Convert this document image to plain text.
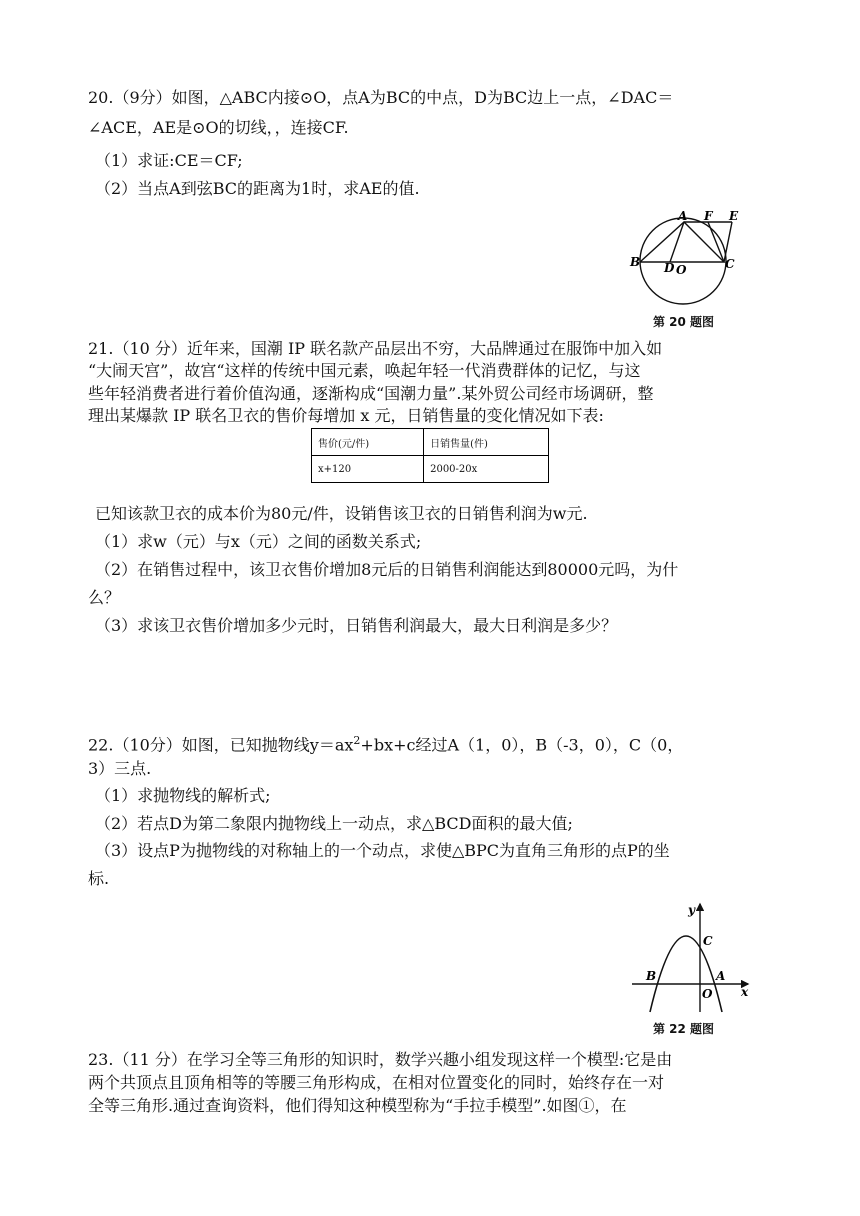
20.（9分）如图，△ABC内接⊙O，点A为BC的中点，D为BC边上一点，∠DAC＝
∠ACE，AE是⊙O的切线，，连接CF.
（1）求证:CE＝CF;
（2）当点A到弦BC的距离为1时，求AE的值.
A F E
B D O	C
第 20 题图
21.（10 分）近年来，国潮 IP 联名款产品层出不穷，大品牌通过在服饰中加入如
“大闹天宫”，故宫“这样的传统中国元素，唤起年轻一代消费群体的记忆，与这
些年轻消费者进行着价值沟通，逐渐构成“国潮力量”.某外贸公司经市场调研，整
理出某爆款 IP 联名卫衣的售价每增加 x 元，日销售量的变化情况如下表:
售价(元/件)	日销售量(件)
x+120	2000-20x
已知该款卫衣的成本价为80元/件，设销售该卫衣的日销售利润为w元.
（1）求w（元）与x（元）之间的函数关系式;
（2）在销售过程中，该卫衣售价增加8元后的日销售利润能达到80000元吗，为什
么？
（3）求该卫衣售价增加多少元时，日销售利润最大，最大日利润是多少？
22.（10分）如图，已知抛物线$y=ax^2+bx+c$经过A（1，0），B（-3，0），C（0，
3）三点.
（1）求抛物线的解析式;
（2）若点D为第二象限内抛物线上一动点，求△BCD面积的最大值;
（3）设点P为抛物线的对称轴上的一个动点，求使△BPC为直角三角形的点P的坐
标.
y
x
C
B	A
O
第 22 题图
23.（11 分）在学习全等三角形的知识时，数学兴趣小组发现这样一个模型:它是由
两个共顶点且顶角相等的等腰三角形构成，在相对位置变化的同时，始终存在一对
全等三角形.通过查询资料，他们得知这种模型称为“手拉手模型”.如图①，在
